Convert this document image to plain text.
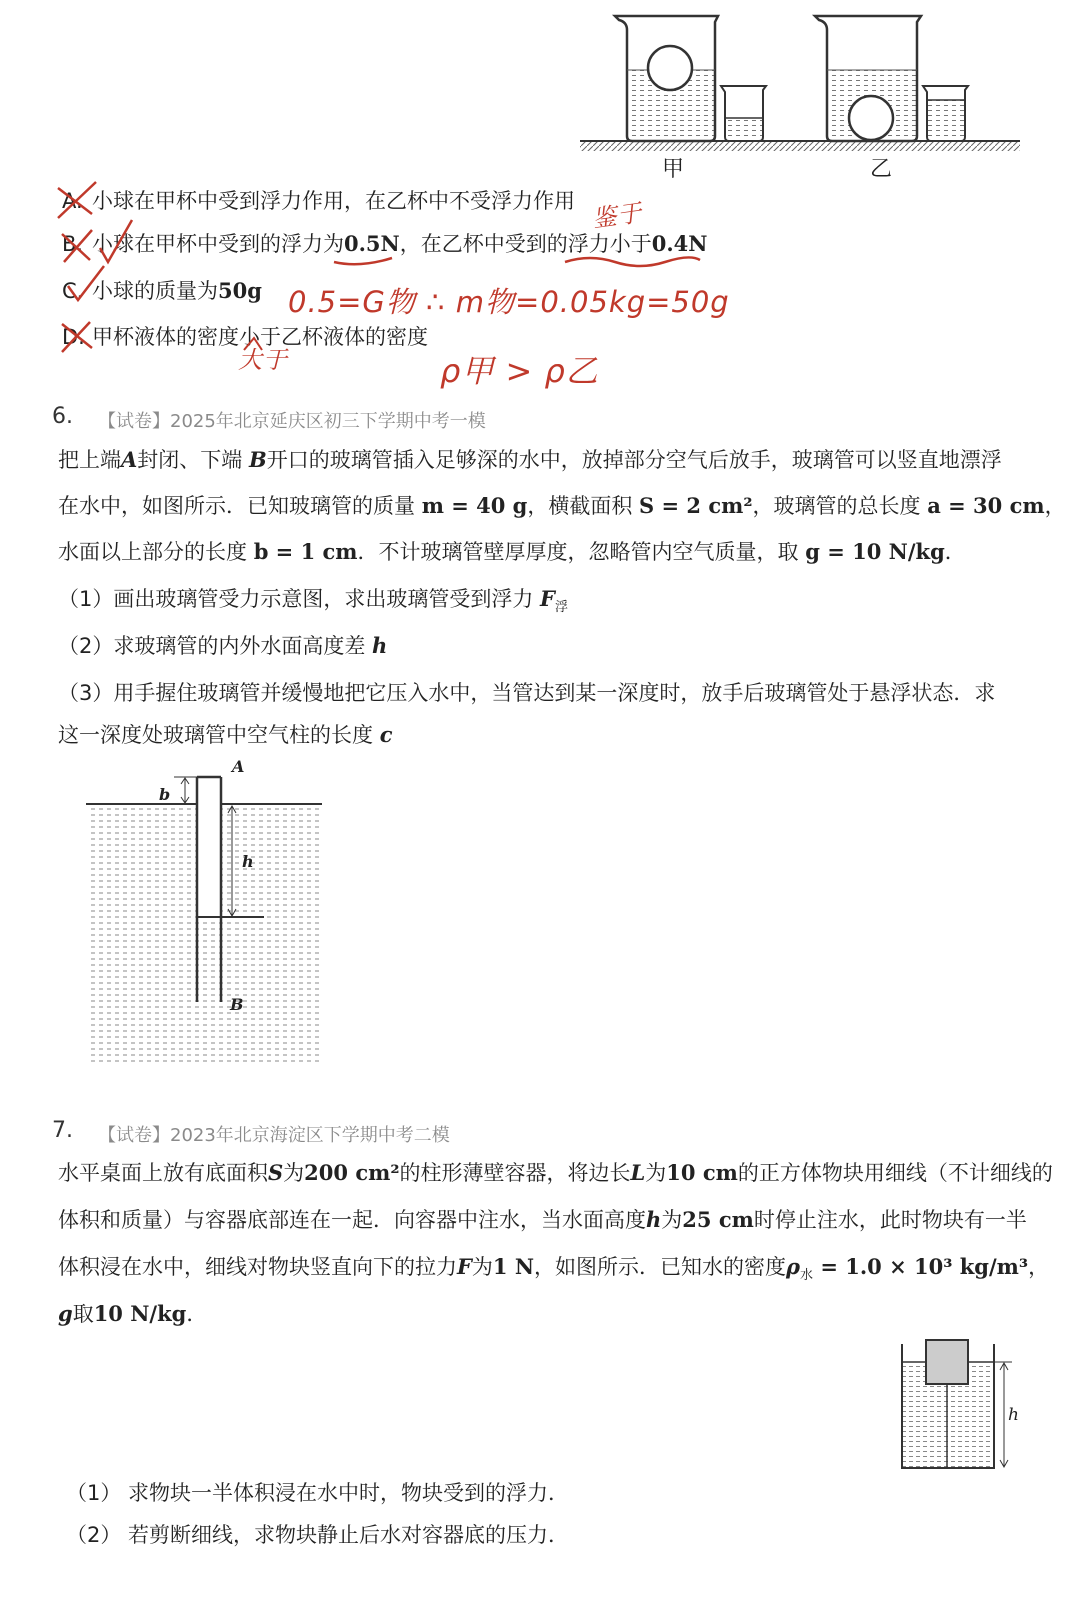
甲	乙
A. 小球在甲杯中受到浮力作用，在乙杯中不受浮力作用
B. 小球在甲杯中受到的浮力为0.5N，在乙杯中受到的浮力小于0.4N
C. 小球的质量为50g
D. 甲杯液体的密度小于乙杯液体的密度
鉴于
0.5=G物 ∴ m物=0.05kg=50g
大于	ρ甲 > ρ乙
6. 【试卷】2025年北京延庆区初三下学期中考一模
把上端A封闭、下端 B开口的玻璃管插入足够深的水中，放掉部分空气后放手，玻璃管可以竖直地漂浮
在水中，如图所示．已知玻璃管的质量 m = 40 g，横截面积 S = 2 cm²，玻璃管的总长度 a = 30 cm，
水面以上部分的长度 b = 1 cm．不计玻璃管壁厚厚度，忽略管内空气质量，取 g = 10 N/kg．
（1）画出玻璃管受力示意图，求出玻璃管受到浮力 $F_浮$
（2）求玻璃管的内外水面高度差 h
（3）用手握住玻璃管并缓慢地把它压入水中，当管达到某一深度时，放手后玻璃管处于悬浮状态．求
这一深度处玻璃管中空气柱的长度 c
A
B
b
h
7. 【试卷】2023年北京海淀区下学期中考二模
水平桌面上放有底面积S为200 cm²的柱形薄壁容器，将边长L为10 cm的正方体物块用细线（不计细线的
体积和质量）与容器底部连在一起．向容器中注水，当水面高度h为25 cm时停止注水，此时物块有一半
体积浸在水中，细线对物块竖直向下的拉力F为1 N，如图所示．已知水的密度$\rho_水 = 1.0 \times 10^3$ kg/m³，
g取10 N/kg．
h
（1） 求物块一半体积浸在水中时，物块受到的浮力．
（2） 若剪断细线，求物块静止后水对容器底的压力．
